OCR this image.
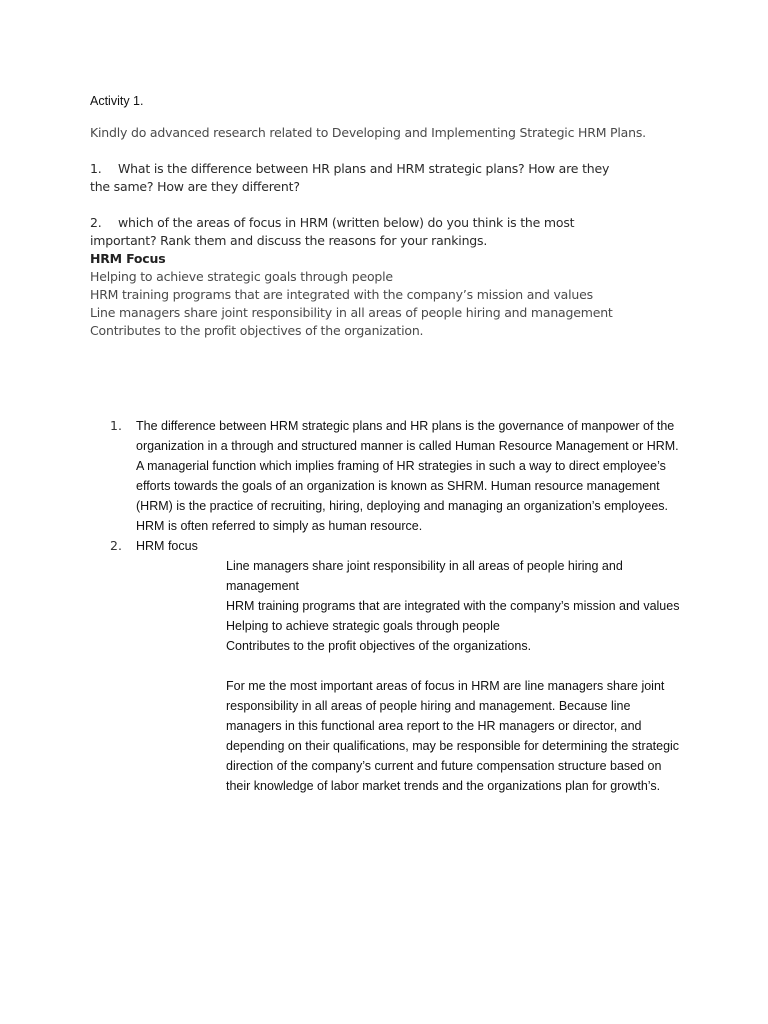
Activity 1.
Kindly do advanced research related to Developing and Implementing Strategic HRM Plans.
1. What is the difference between HR plans and HRM strategic plans? How are they the same? How are they different?
2. which of the areas of focus in HRM (written below) do you think is the most important? Rank them and discuss the reasons for your rankings.
HRM Focus
Helping to achieve strategic goals through people
HRM training programs that are integrated with the company’s mission and values
Line managers share joint responsibility in all areas of people hiring and management
Contributes to the profit objectives of the organization.
1.	The difference between HRM strategic plans and HR plans is the governance of manpower of the organization in a through and structured manner is called Human Resource Management or HRM. A managerial function which implies framing of HR strategies in such a way to direct employee’s efforts towards the goals of an organization is known as SHRM. Human resource management (HRM) is the practice of recruiting, hiring, deploying and managing an organization’s employees. HRM is often referred to simply as human resource.
2.	HRM focus
Line managers share joint responsibility in all areas of people hiring and management
HRM training programs that are integrated with the company’s mission and values
Helping to achieve strategic goals through people
Contributes to the profit objectives of the organizations.
For me the most important areas of focus in HRM are line managers share joint responsibility in all areas of people hiring and management. Because line managers in this functional area report to the HR managers or director, and depending on their qualifications, may be responsible for determining the strategic direction of the company’s current and future compensation structure based on their knowledge of labor market trends and the organizations plan for growth’s.
